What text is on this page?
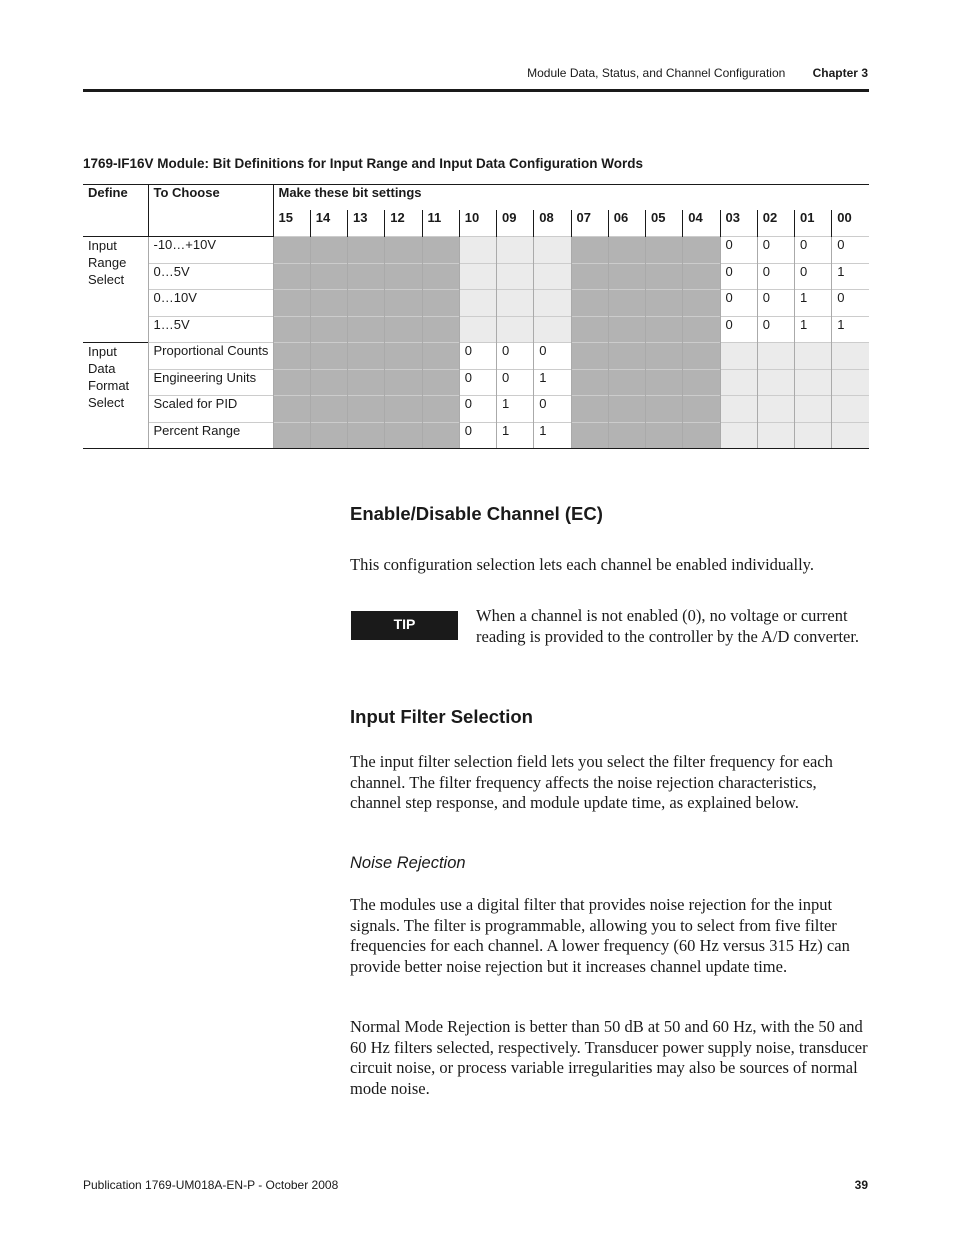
Module Data, Status, and Channel Configuration Chapter 3
1769-IF16V Module: Bit Definitions for Input Range and Input Data Configuration Words
Define	To Choose	Make these bit settings															
		15	14	13	12	11	10	09	08	07	06	05	04	03	02	01	00

Input
Range
Select	-10…+10V													0	0	0	0
	0…5V													0	0	0	1
	0…10V													0	0	1	0
	1…5V													0	0	1	1

Input
Data
Format
Select	Proportional Counts						0	0	0								
	Engineering Units						0	0	1								
	Scaled for PID						0	1	0								
	Percent Range						0	1	1								
Enable/Disable Channel (EC)

This configuration selection lets each channel be enabled individually.

TIP	When a channel is not enabled (0), no voltage or current reading is provided to the controller by the A/D converter.

Input Filter Selection

The input filter selection field lets you select the filter frequency for each channel. The filter frequency affects the noise rejection characteristics, channel step response, and module update time, as explained below.

Noise Rejection

The modules use a digital filter that provides noise rejection for the input signals. The filter is programmable, allowing you to select from five filter frequencies for each channel. A lower frequency (60 Hz versus 315 Hz) can provide better noise rejection but it increases channel update time.

Normal Mode Rejection is better than 50 dB at 50 and 60 Hz, with the 50 and 60 Hz filters selected, respectively. Transducer power supply noise, transducer circuit noise, or process variable irregularities may also be sources of normal mode noise.

Publication 1769-UM018A-EN-P - October 2008	39
